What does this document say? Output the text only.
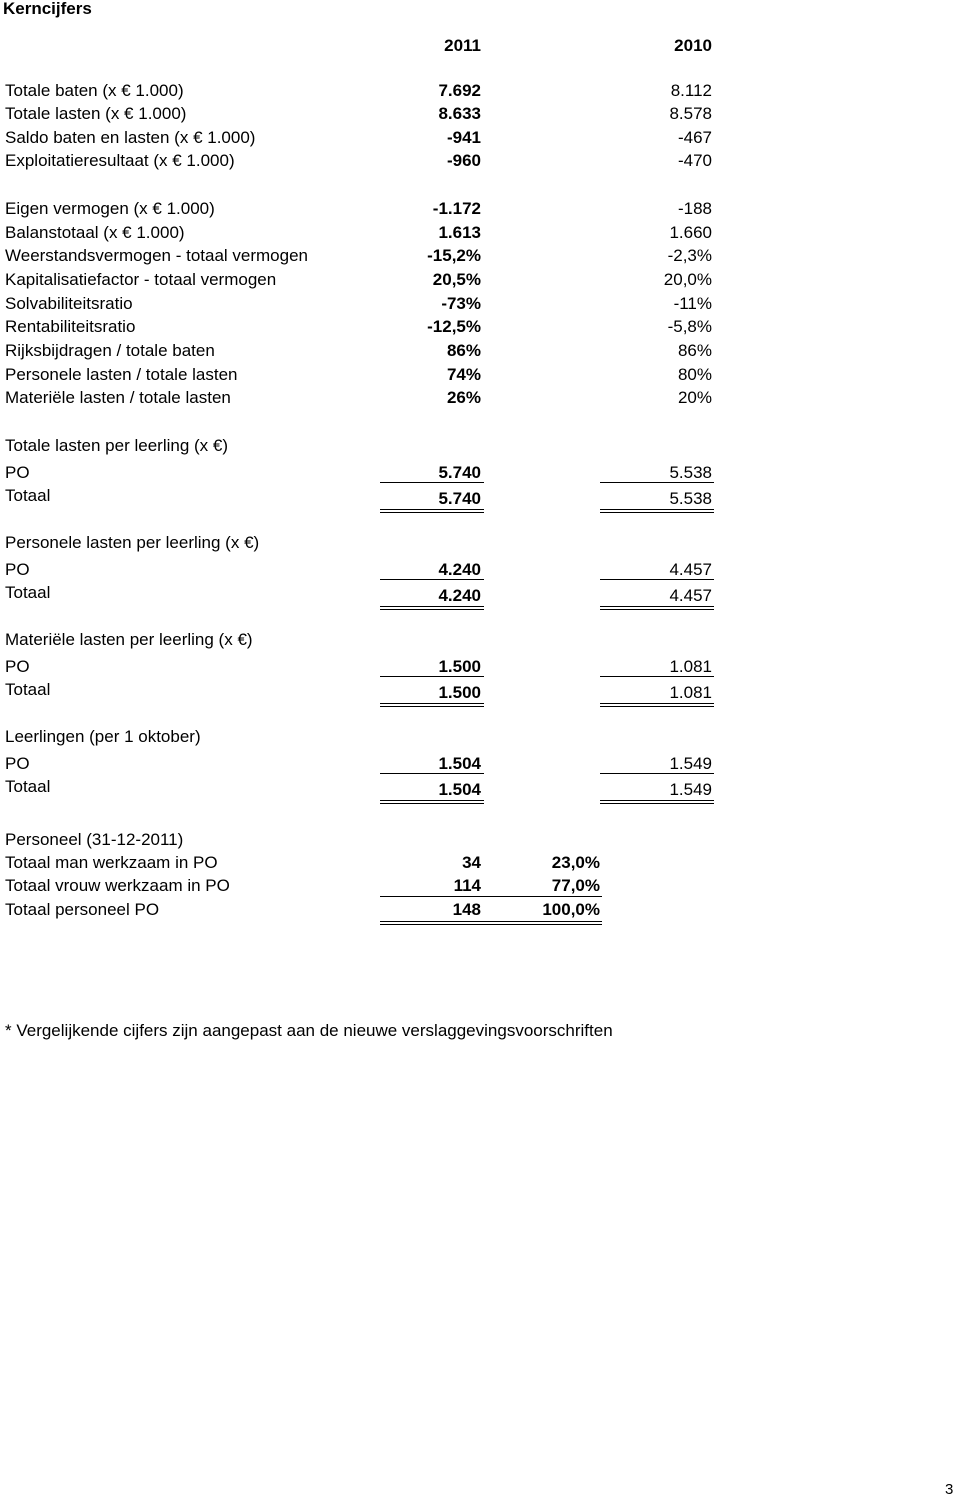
Kerncijfers
2011	2010
Totale baten (x € 1.000)	7.692	8.112
Totale lasten (x € 1.000)	8.633	8.578
Saldo baten en lasten (x € 1.000)	-941	-467
Exploitatieresultaat (x € 1.000)	-960	-470
Eigen vermogen (x € 1.000)	-1.172	-188
Balanstotaal (x € 1.000)	1.613	1.660
Weerstandsvermogen - totaal vermogen	-15,2%	-2,3%
Kapitalisatiefactor - totaal vermogen	20,5%	20,0%
Solvabiliteitsratio	-73%	-11%
Rentabiliteitsratio	-12,5%	-5,8%
Rijksbijdragen / totale baten	86%	86%
Personele lasten / totale lasten	74%	80%
Materiële lasten / totale lasten	26%	20%
Totale lasten per leerling (x €)
PO	5.740	5.538
Totaal	5.740	5.538
Personele lasten per leerling (x €)
PO	4.240	4.457
Totaal	4.240	4.457
Materiële lasten per leerling (x €)
PO	1.500	1.081
Totaal	1.500	1.081
Leerlingen (per 1 oktober)
PO	1.504	1.549
Totaal	1.504	1.549
Personeel (31-12-2011)
Totaal man werkzaam in PO	34	23,0%
Totaal vrouw werkzaam in PO	114	77,0%
Totaal personeel PO	148	100,0%
* Vergelijkende cijfers zijn aangepast aan de nieuwe verslaggevingsvoorschriften
3
